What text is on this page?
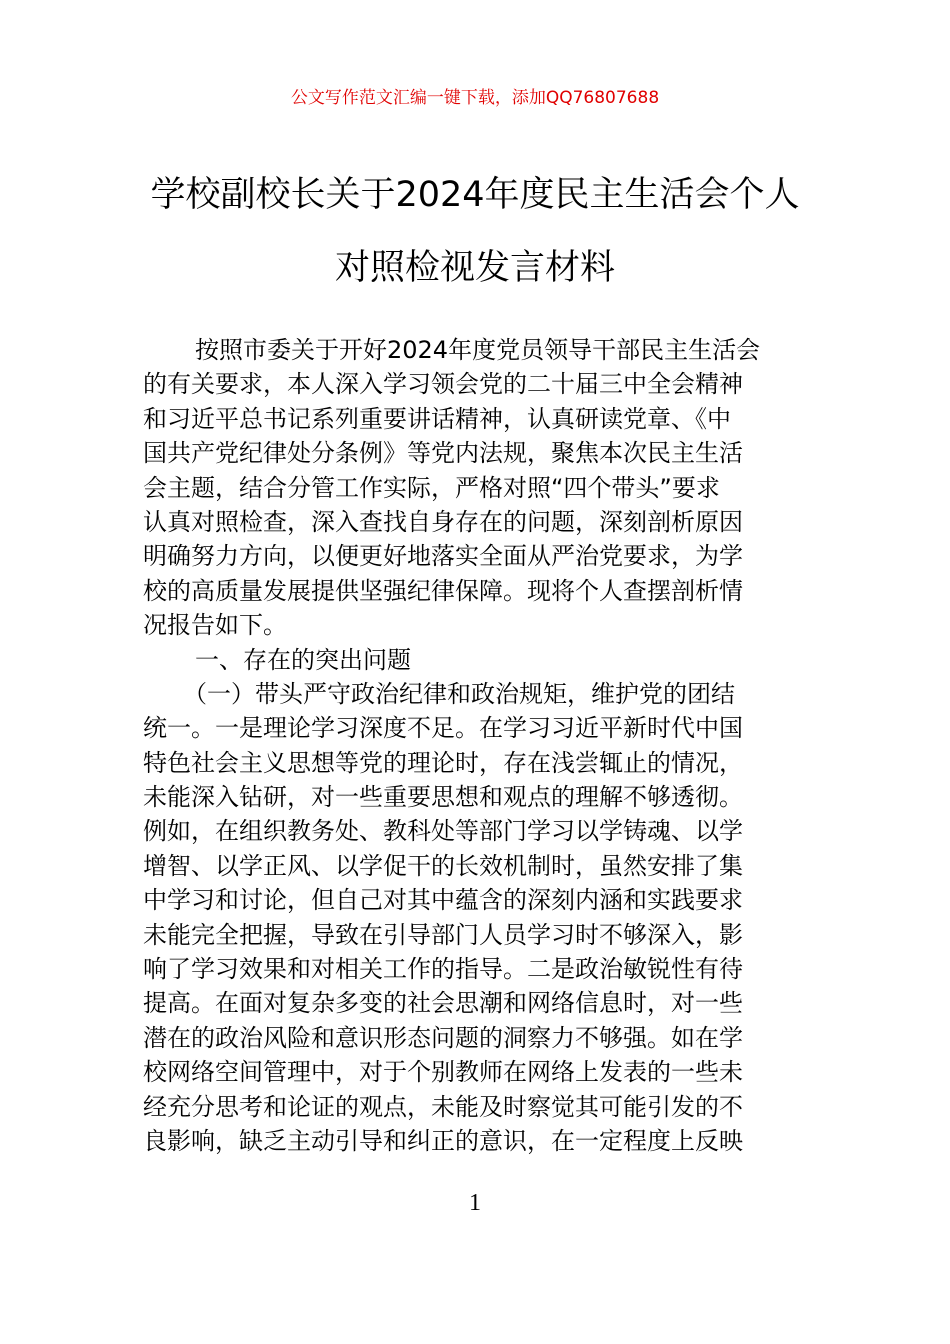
公文写作范文汇编一键下载，添加QQ76807688
学校副校长关于2024年度民主生活会个人
对照检视发言材料
按照市委关于开好2024年度党员领导干部民主生活会
的有关要求，本人深入学习领会党的二十届三中全会精神
和习近平总书记系列重要讲话精神，认真研读党章、《中
国共产党纪律处分条例》等党内法规，聚焦本次民主生活
会主题，结合分管工作实际，严格对照“四个带头”要求
认真对照检查，深入查找自身存在的问题，深刻剖析原因
明确努力方向，以便更好地落实全面从严治党要求，为学
校的高质量发展提供坚强纪律保障。现将个人查摆剖析情
况报告如下。
一、存在的突出问题
（一）带头严守政治纪律和政治规矩，维护党的团结
统一。一是理论学习深度不足。在学习习近平新时代中国
特色社会主义思想等党的理论时，存在浅尝辄止的情况，
未能深入钻研，对一些重要思想和观点的理解不够透彻。
例如，在组织教务处、教科处等部门学习以学铸魂、以学
增智、以学正风、以学促干的长效机制时，虽然安排了集
中学习和讨论，但自己对其中蕴含的深刻内涵和实践要求
未能完全把握，导致在引导部门人员学习时不够深入，影
响了学习效果和对相关工作的指导。二是政治敏锐性有待
提高。在面对复杂多变的社会思潮和网络信息时，对一些
潜在的政治风险和意识形态问题的洞察力不够强。如在学
校网络空间管理中，对于个别教师在网络上发表的一些未
经充分思考和论证的观点，未能及时察觉其可能引发的不
良影响，缺乏主动引导和纠正的意识，在一定程度上反映
1
